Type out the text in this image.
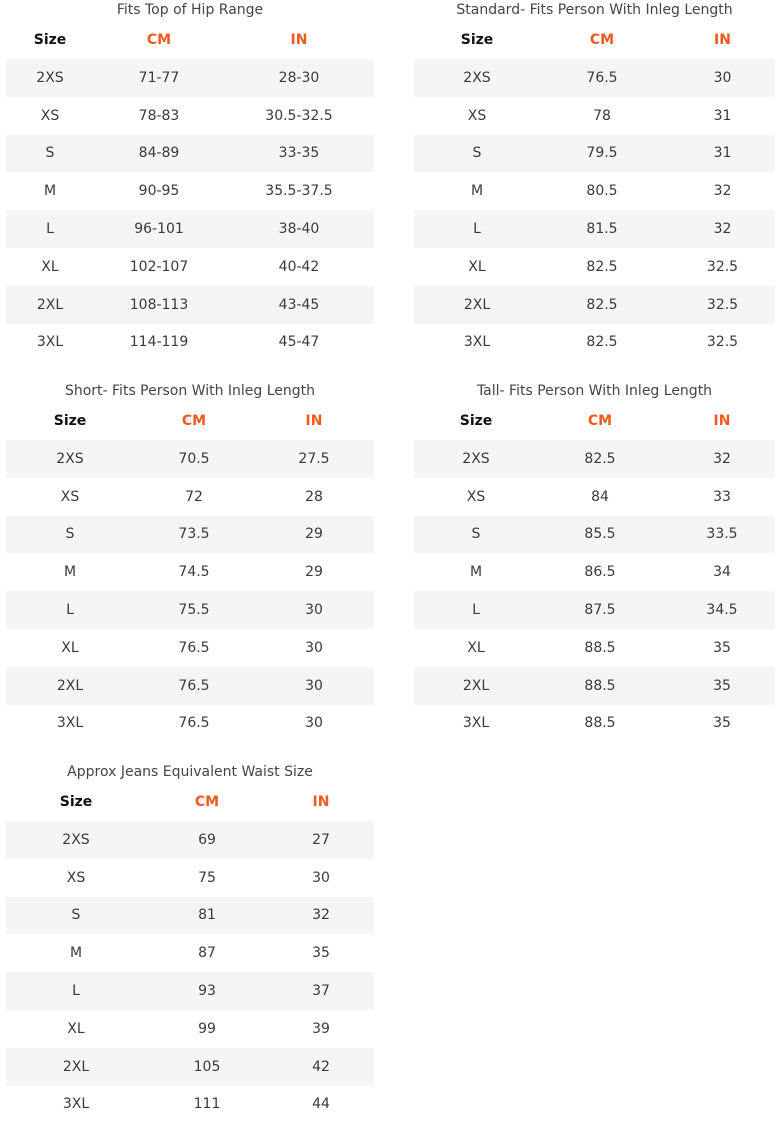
Fits Top of Hip Range
Size	CM	IN
2XS	71-77	28-30
XS	78-83	30.5-32.5
S	84-89	33-35
M	90-95	35.5-37.5
L	96-101	38-40
XL	102-107	40-42
2XL	108-113	43-45
3XL	114-119	45-47
Standard- Fits Person With Inleg Length
Size	CM	IN
2XS	76.5	30
XS	78	31
S	79.5	31
M	80.5	32
L	81.5	32
XL	82.5	32.5
2XL	82.5	32.5
3XL	82.5	32.5
Short- Fits Person With Inleg Length
Size	CM	IN
2XS	70.5	27.5
XS	72	28
S	73.5	29
M	74.5	29
L	75.5	30
XL	76.5	30
2XL	76.5	30
3XL	76.5	30
Tall- Fits Person With Inleg Length
Size	CM	IN
2XS	82.5	32
XS	84	33
S	85.5	33.5
M	86.5	34
L	87.5	34.5
XL	88.5	35
2XL	88.5	35
3XL	88.5	35
Approx Jeans Equivalent Waist Size
Size	CM	IN
2XS	69	27
XS	75	30
S	81	32
M	87	35
L	93	37
XL	99	39
2XL	105	42
3XL	111	44
